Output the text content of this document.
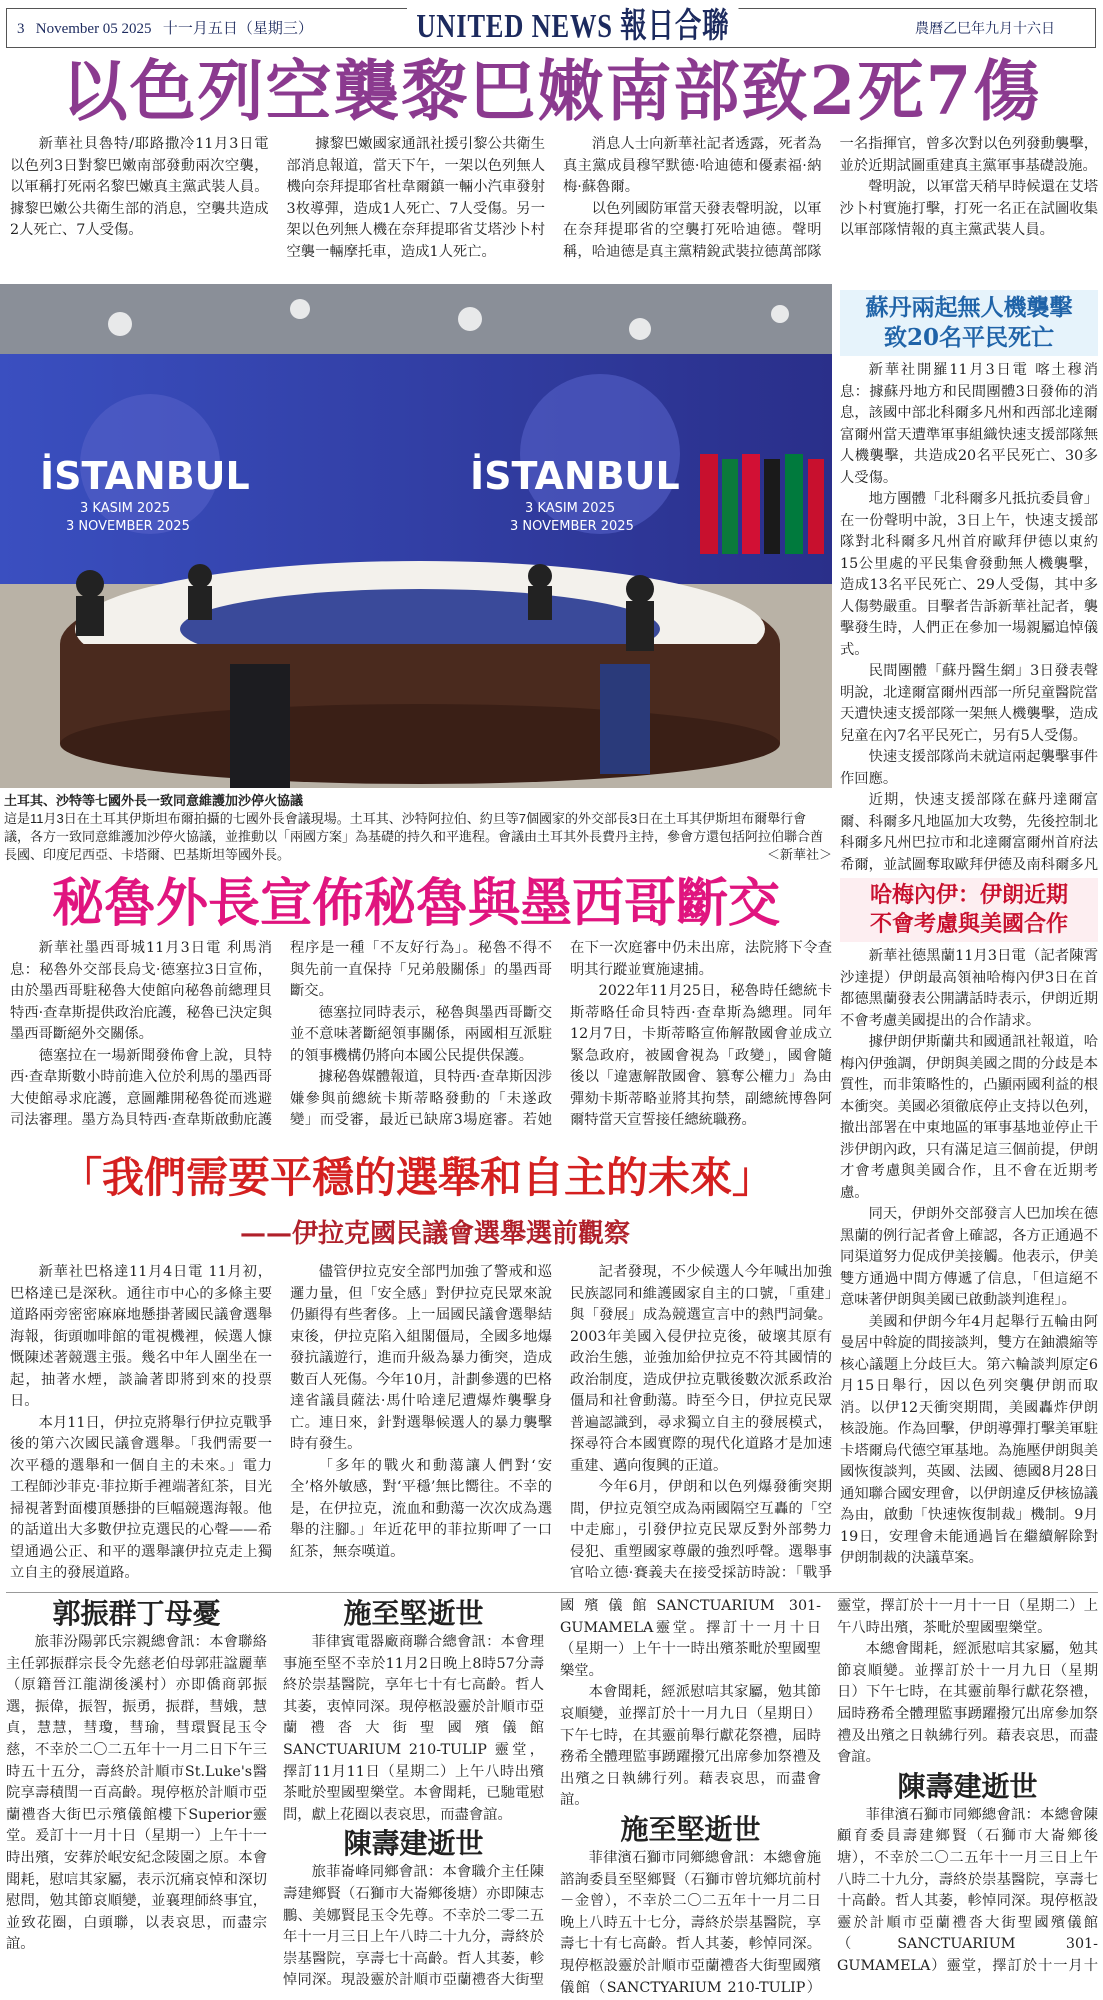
3 November 05 2025 十一月五日（星期三）	UNITED NEWS 報日合聯	農曆乙巳年九月十六日
以色列空襲黎巴嫩南部致2死7傷

新華社貝魯特/耶路撒冷11月3日電 以色列3日對黎巴嫩南部發動兩次空襲，以軍稱打死兩名黎巴嫩真主黨武裝人員。據黎巴嫩公共衛生部的消息，空襲共造成2人死亡、7人受傷。

據黎巴嫩國家通訊社援引黎公共衛生部消息報道，當天下午，一架以色列無人機向奈拜提耶省杜韋爾鎮一輛小汽車發射3枚導彈，造成1人死亡、7人受傷。另一架以色列無人機在奈拜提耶省艾塔沙卜村空襲一輛摩托車，造成1人死亡。

消息人士向新華社記者透露，死者為真主黨成員穆罕默德·哈迪德和優素福·納梅·蘇魯爾。

以色列國防軍當天發表聲明說，以軍在奈拜提耶省的空襲打死哈迪德。聲明稱，哈迪德是真主黨精銳武裝拉德萬部隊一名指揮官，曾多次對以色列發動襲擊，並於近期試圖重建真主黨軍事基礎設施。

聲明說，以軍當天稍早時候還在艾塔沙卜村實施打擊，打死一名正在試圖收集以軍部隊情報的真主黨武裝人員。

İSTANBUL
3 KASIM 2025
3 NOVEMBER 2025
İSTANBUL
3 KASIM 2025
3 NOVEMBER 2025
土耳其、沙特等七國外長一致同意維護加沙停火協議
這是11月3日在土耳其伊斯坦布爾拍攝的七國外長會議現場。土耳其、沙特阿拉伯、約旦等7個國家的外交部長3日在土耳其伊斯坦布爾舉行會議，各方一致同意維護加沙停火協議，並推動以「兩國方案」為基礎的持久和平進程。會議由土耳其外長費丹主持，參會方還包括阿拉伯聯合酋長國、印度尼西亞、卡塔爾、巴基斯坦等國外長。	＜新華社＞
蘇丹兩起無人機襲擊
致20名平民死亡

新華社開羅11月3日電 喀土穆消息：據蘇丹地方和民間團體3日發佈的消息，該國中部北科爾多凡州和西部北達爾富爾州當天遭準軍事組織快速支援部隊無人機襲擊，共造成20名平民死亡、30多人受傷。

地方團體「北科爾多凡抵抗委員會」在一份聲明中說，3日上午，快速支援部隊對北科爾多凡州首府歐拜伊德以東約15公里處的平民集會發動無人機襲擊，造成13名平民死亡、29人受傷，其中多人傷勢嚴重。目擊者告訴新華社記者，襲擊發生時，人們正在參加一場親屬追悼儀式。

民間團體「蘇丹醫生網」3日發表聲明說，北達爾富爾州西部一所兒童醫院當天遭快速支援部隊一架無人機襲擊，造成兒童在內7名平民死亡，另有5人受傷。

快速支援部隊尚未就這兩起襲擊事件作回應。

近期，快速支援部隊在蘇丹達爾富爾、科爾多凡地區加大攻勢，先後控制北科爾多凡州巴拉市和北達爾富爾州首府法希爾，並試圖奪取歐拜伊德及南科爾多凡

哈梅內伊：伊朗近期
不會考慮與美國合作

新華社德黑蘭11月3日電（記者陳霄 沙達提）伊朗最高領袖哈梅內伊3日在首都德黑蘭發表公開講話時表示，伊朗近期不會考慮美國提出的合作請求。

據伊朗伊斯蘭共和國通訊社報道，哈梅內伊強調，伊朗與美國之間的分歧是本質性，而非策略性的，凸顯兩國利益的根本衝突。美國必須徹底停止支持以色列，撤出部署在中東地區的軍事基地並停止干涉伊朗內政，只有滿足這三個前提，伊朗才會考慮與美國合作，且不會在近期考慮。

同天，伊朗外交部發言人巴加埃在德黑蘭的例行記者會上確認，各方正通過不同渠道努力促成伊美接觸。他表示，伊美雙方通過中間方傳遞了信息，「但這絕不意味著伊朗與美國已啟動談判進程」。

美國和伊朗今年4月起舉行五輪由阿曼居中斡旋的間接談判，雙方在鈾濃縮等核心議題上分歧巨大。第六輪談判原定6月15日舉行，因以色列突襲伊朗而取消。以伊12天衝突期間，美國轟炸伊朗核設施。作為回擊，伊朗導彈打擊美軍駐卡塔爾烏代德空軍基地。為施壓伊朗與美國恢復談判，英國、法國、德國8月28日通知聯合國安理會，以伊朗違反伊核協議為由，啟動「快速恢復制裁」機制。9月19日，安理會未能通過旨在繼續解除對伊朗制裁的決議草案。

秘魯外長宣佈秘魯與墨西哥斷交

新華社墨西哥城11月3日電 利馬消息：秘魯外交部長烏戈·德塞拉3日宣佈，由於墨西哥駐秘魯大使館向秘魯前總理貝特西·查韋斯提供政治庇護，秘魯已決定與墨西哥斷絕外交關係。

德塞拉在一場新聞發佈會上說，貝特西·查韋斯數小時前進入位於利馬的墨西哥大使館尋求庇護，意圖離開秘魯從而逃避司法審理。墨方為貝特西·查韋斯啟動庇護程序是一種「不友好行為」。秘魯不得不與先前一直保持「兄弟般關係」的墨西哥斷交。

德塞拉同時表示，秘魯與墨西哥斷交並不意味著斷絕領事關係，兩國相互派駐的領事機構仍將向本國公民提供保護。

據秘魯媒體報道，貝特西·查韋斯因涉嫌參與前總統卡斯蒂略發動的「未遂政變」而受審，最近已缺席3場庭審。若她在下一次庭審中仍未出席，法院將下令查明其行蹤並實施逮捕。

2022年11月25日，秘魯時任總統卡斯蒂略任命貝特西·查韋斯為總理。同年12月7日，卡斯蒂略宣佈解散國會並成立緊急政府，被國會視為「政變」，國會隨後以「違憲解散國會、篡奪公權力」為由彈劾卡斯蒂略並將其拘禁，副總統博魯阿爾特當天宣誓接任總統職務。

「我們需要平穩的選舉和自主的未來」
——伊拉克國民議會選舉選前觀察

新華社巴格達11月4日電 11月初，巴格達已是深秋。通往市中心的多條主要道路兩旁密密麻麻地懸掛著國民議會選舉海報，街頭咖啡館的電視機裡，候選人慷慨陳述著競選主張。幾名中年人圍坐在一起，抽著水煙，談論著即將到來的投票日。

本月11日，伊拉克將舉行伊拉克戰爭後的第六次國民議會選舉。「我們需要一次平穩的選舉和一個自主的未來。」電力工程師沙菲克·菲拉斯手裡端著紅茶，目光掃視著對面樓頂懸掛的巨幅競選海報。他的話道出大多數伊拉克選民的心聲——希望通過公正、和平的選舉讓伊拉克走上獨立自主的發展道路。

儘管伊拉克安全部門加強了警戒和巡邏力量，但「安全感」對伊拉克民眾來說仍顯得有些奢侈。上一屆國民議會選舉結束後，伊拉克陷入組閣僵局，全國多地爆發抗議遊行，進而升級為暴力衝突，造成數百人死傷。今年10月，計劃參選的巴格達省議員薩法·馬什哈達尼遭爆炸襲擊身亡。連日來，針對選舉候選人的暴力襲擊時有發生。

「多年的戰火和動蕩讓人們對‘安全’格外敏感，對‘平穩’無比嚮往。不幸的是，在伊拉克，流血和動蕩一次次成為選舉的注腳。」年近花甲的菲拉斯呷了一口紅茶，無奈嘆道。

記者發現，不少候選人今年喊出加強民族認同和維護國家自主的口號，「重建」與「發展」成為競選宣言中的熱門詞彙。2003年美國入侵伊拉克後，破壞其原有政治生態，並強加給伊拉克不符其國情的政治制度，造成伊拉克戰後數次派系政治僵局和社會動蕩。時至今日，伊拉克民眾普遍認識到，尋求獨立自主的發展模式，探尋符合本國實際的現代化道路才是加速重建、邁向復興的正道。

今年6月，伊朗和以色列爆發衝突期間，伊拉克領空成為兩國隔空互轟的「空中走廊」，引發伊拉克民眾反對外部勢力侵犯、重塑國家尊嚴的強烈呼聲。選舉事官哈立德·賽義夫在接受採訪時說：「戰爭

郭振群丁母憂

旅菲汾陽郭氏宗親總會訊：本會聯絡主任郭振群宗長令先慈老伯母郭莊諡麗華（原籍晉江龍湖後溪村）亦即僑商郭振選，振偉，振智，振勇，振群，彗娥，慧貞，慧慧，彗瓊，彗瑜，彗環賢昆玉令慈，不幸於二〇二五年十一月二日下午三時五十五分，壽終於計順市St.Luke's醫院享壽積閏一百高齡。現停柩於計順市亞蘭禮沓大街巴示殯儀館樓下Superior靈堂。爰訂十一月十日（星期一）上午十一時出殯，安葬於岷安紀念陵園之原。本會聞耗，慰唁其家屬，表示沉痛哀悼和深切慰問，勉其節哀順變，並襄理師終事宜，並致花圈，白頭聯，以表哀思，而盡宗誼。

施至堅逝世

菲律賓電器廠商聯合總會訊：本會理事施至堅不幸於11月2日晚上8時57分壽終於崇基醫院，享年七十有七高齡。哲人其萎，衷悼同深。現停柩設靈於計順市亞蘭禮沓大街聖國殯儀館 SANCTUARIUM 210-TULIP 靈堂，擇訂11月11日（星期二）上午八時出殯茶毗於聖國聖樂堂。本會聞耗，已馳電慰問，獻上花圈以表哀思，而盡會誼。

陳壽建逝世

旅菲崙峰同鄉會訊：本會職介主任陳壽建鄉賢（石獅市大崙鄉後塘）亦即陳志鵬、美娜賢昆玉令先尊。不幸於二零二五年十一月三日上午八時二十九分，壽終於崇基醫院，享壽七十高齡。哲人其萎，軫悼同深。現設靈於計順市亞蘭禮沓大街聖國殯儀館SANCTUARIUM 301-GUMAMELA靈堂。擇訂十一月十日（星期一）上午十一時出殯茶毗於聖國聖樂堂。

本會聞耗，經派慰唁其家屬，勉其節哀順變，並擇訂於十一月九日（星期日）下午七時，在其靈前舉行獻花祭禮，屆時務希全體理監事踴躍撥冗出席參加祭禮及出殯之日執紼行列。藉表哀思，而盡會誼。

施至堅逝世

菲律濱石獅市同鄉總會訊：本總會施諮詢委員至堅鄉賢（石獅市曾坑鄉坑前村－金曾），不幸於二〇二五年十一月二日晚上八時五十七分，壽終於崇基醫院，享壽七十有七高齡。哲人其萎，軫悼同深。現停柩設靈於計順市亞蘭禮沓大街聖國殯儀館（SANCTYARIUM 210-TULIP）靈堂，擇訂於十一月十一日（星期二）上午八時出殯，茶毗於聖國聖樂堂。

本總會聞耗，經派慰唁其家屬，勉其節哀順變。並擇訂於十一月九日（星期日）下午七時，在其靈前舉行獻花祭禮，屆時務希全體理監事踴躍撥冗出席參加祭禮及出殯之日執紼行列。藉表哀思，而盡會誼。

陳壽建逝世

菲律濱石獅市同鄉總會訊：本總會陳顧育委員壽建鄉賢（石獅市大崙鄉後塘），不幸於二〇二五年十一月三日上午八時二十九分，壽終於崇基醫院，享壽七十高齡。哲人其萎，軫悼同深。現停柩設靈於計順市亞蘭禮沓大街聖國殯儀館（SANCTUARIUM 301-GUMAMELA）靈堂，擇訂於十一月十
